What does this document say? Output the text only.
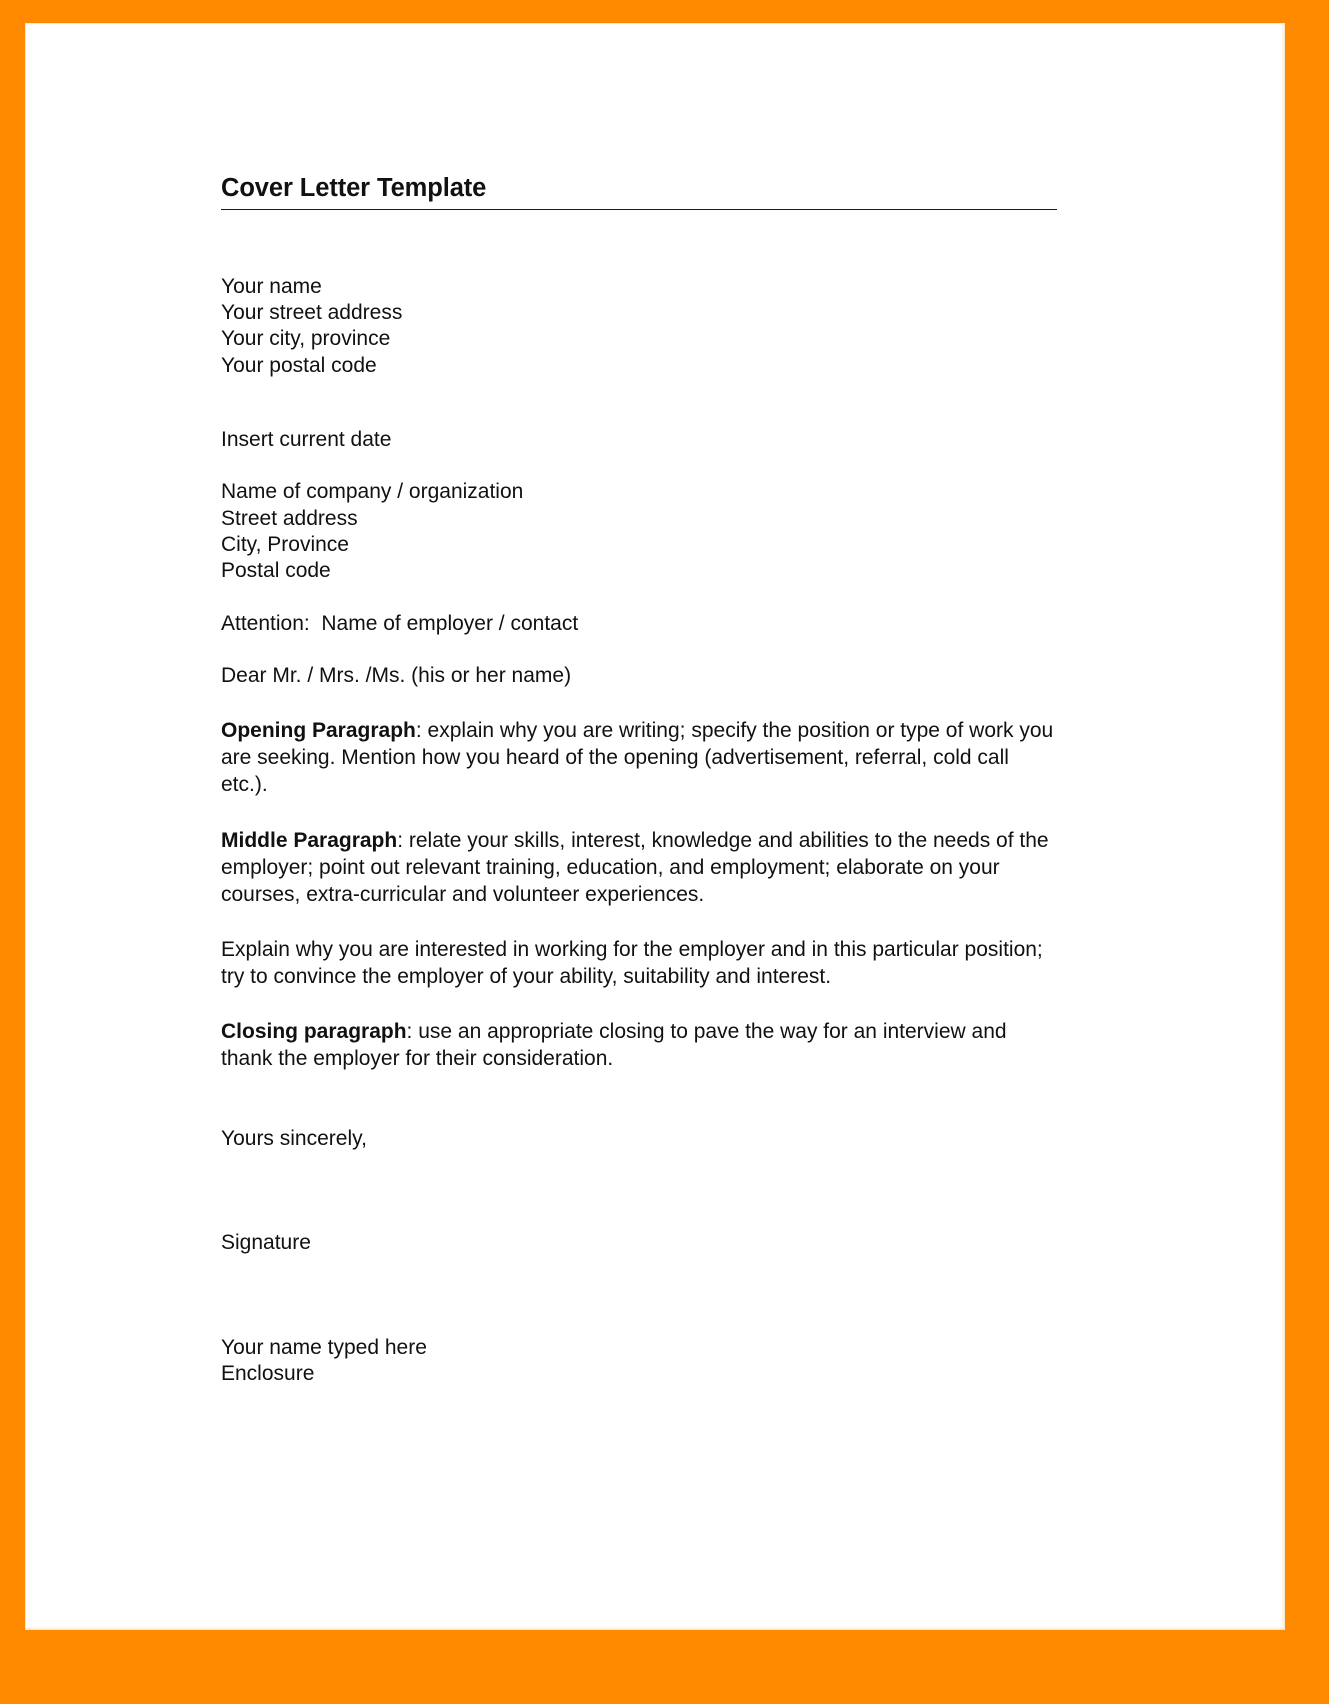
Cover Letter Template
Your name
Your street address
Your city, province
Your postal code
Insert current date
Name of company / organization
Street address
City, Province
Postal code
Attention:  Name of employer / contact
Dear Mr. / Mrs. /Ms. (his or her name)

Opening Paragraph: explain why you are writing; specify the position or type of work you are seeking. Mention how you heard of the opening (advertisement, referral, cold call etc.).

Middle Paragraph: relate your skills, interest, knowledge and abilities to the needs of the employer; point out relevant training, education, and employment; elaborate on your courses, extra-curricular and volunteer experiences.

Explain why you are interested in working for the employer and in this particular position; try to convince the employer of your ability, suitability and interest.

Closing paragraph: use an appropriate closing to pave the way for an interview and thank the employer for their consideration.

Yours sincerely,
Signature
Your name typed here
Enclosure
